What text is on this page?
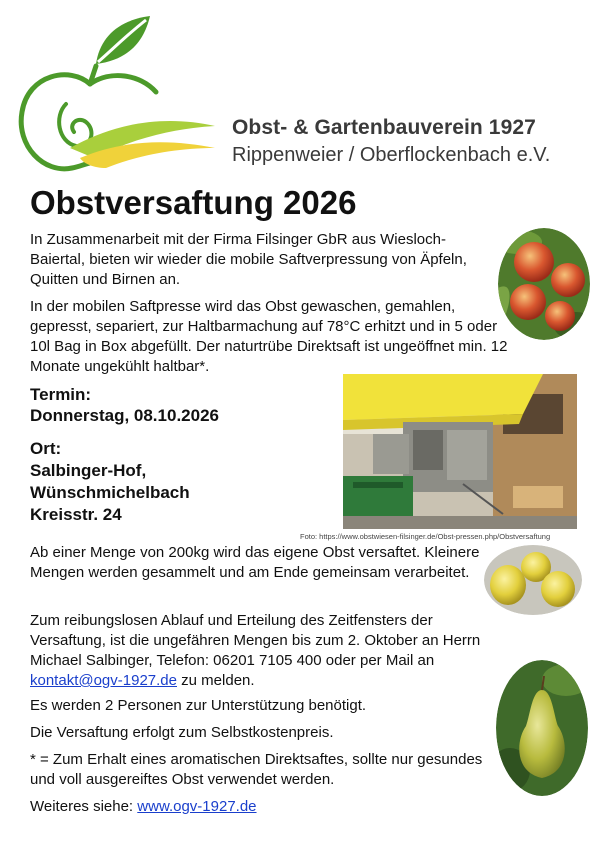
Obst- & Gartenbauverein 1927
Rippenweier / Oberflockenbach e.V.
Obstversaftung 2026
In Zusammenarbeit mit der Firma Filsinger GbR aus Wiesloch-Baiertal, bieten wir wieder die mobile Saftverpressung von Äpfeln, Quitten und Birnen an.
In der mobilen Saftpresse wird das Obst gewaschen, gemahlen, gepresst, separiert, zur Haltbarmachung auf 78°C erhitzt und in 5 oder 10l Bag in Box abgefüllt. Der naturtrübe Direktsaft ist ungeöffnet min. 12 Monate ungekühlt haltbar*.
Termin:
Donnerstag, 08.10.2026
Ort:
Salbinger-Hof,
Wünschmichelbach
Kreisstr. 24
Foto: https://www.obstwiesen-filsinger.de/Obst-pressen.php/Obstversaftung
Ab einer Menge von 200kg wird das eigene Obst versaftet. Kleinere Mengen werden gesammelt und am Ende gemeinsam verarbeitet.
Zum reibungslosen Ablauf und Erteilung des Zeitfensters der Versaftung, ist die ungefähren Mengen bis zum 2. Oktober an Herrn Michael Salbinger, Telefon: 06201 7105 400 oder per Mail an kontakt@ogv-1927.de zu melden.
Es werden 2 Personen zur Unterstützung benötigt.
Die Versaftung erfolgt zum Selbstkostenpreis.
* = Zum Erhalt eines aromatischen Direktsaftes, sollte nur gesundes und voll ausgereiftes Obst verwendet werden.
Weiteres siehe: www.ogv-1927.de
